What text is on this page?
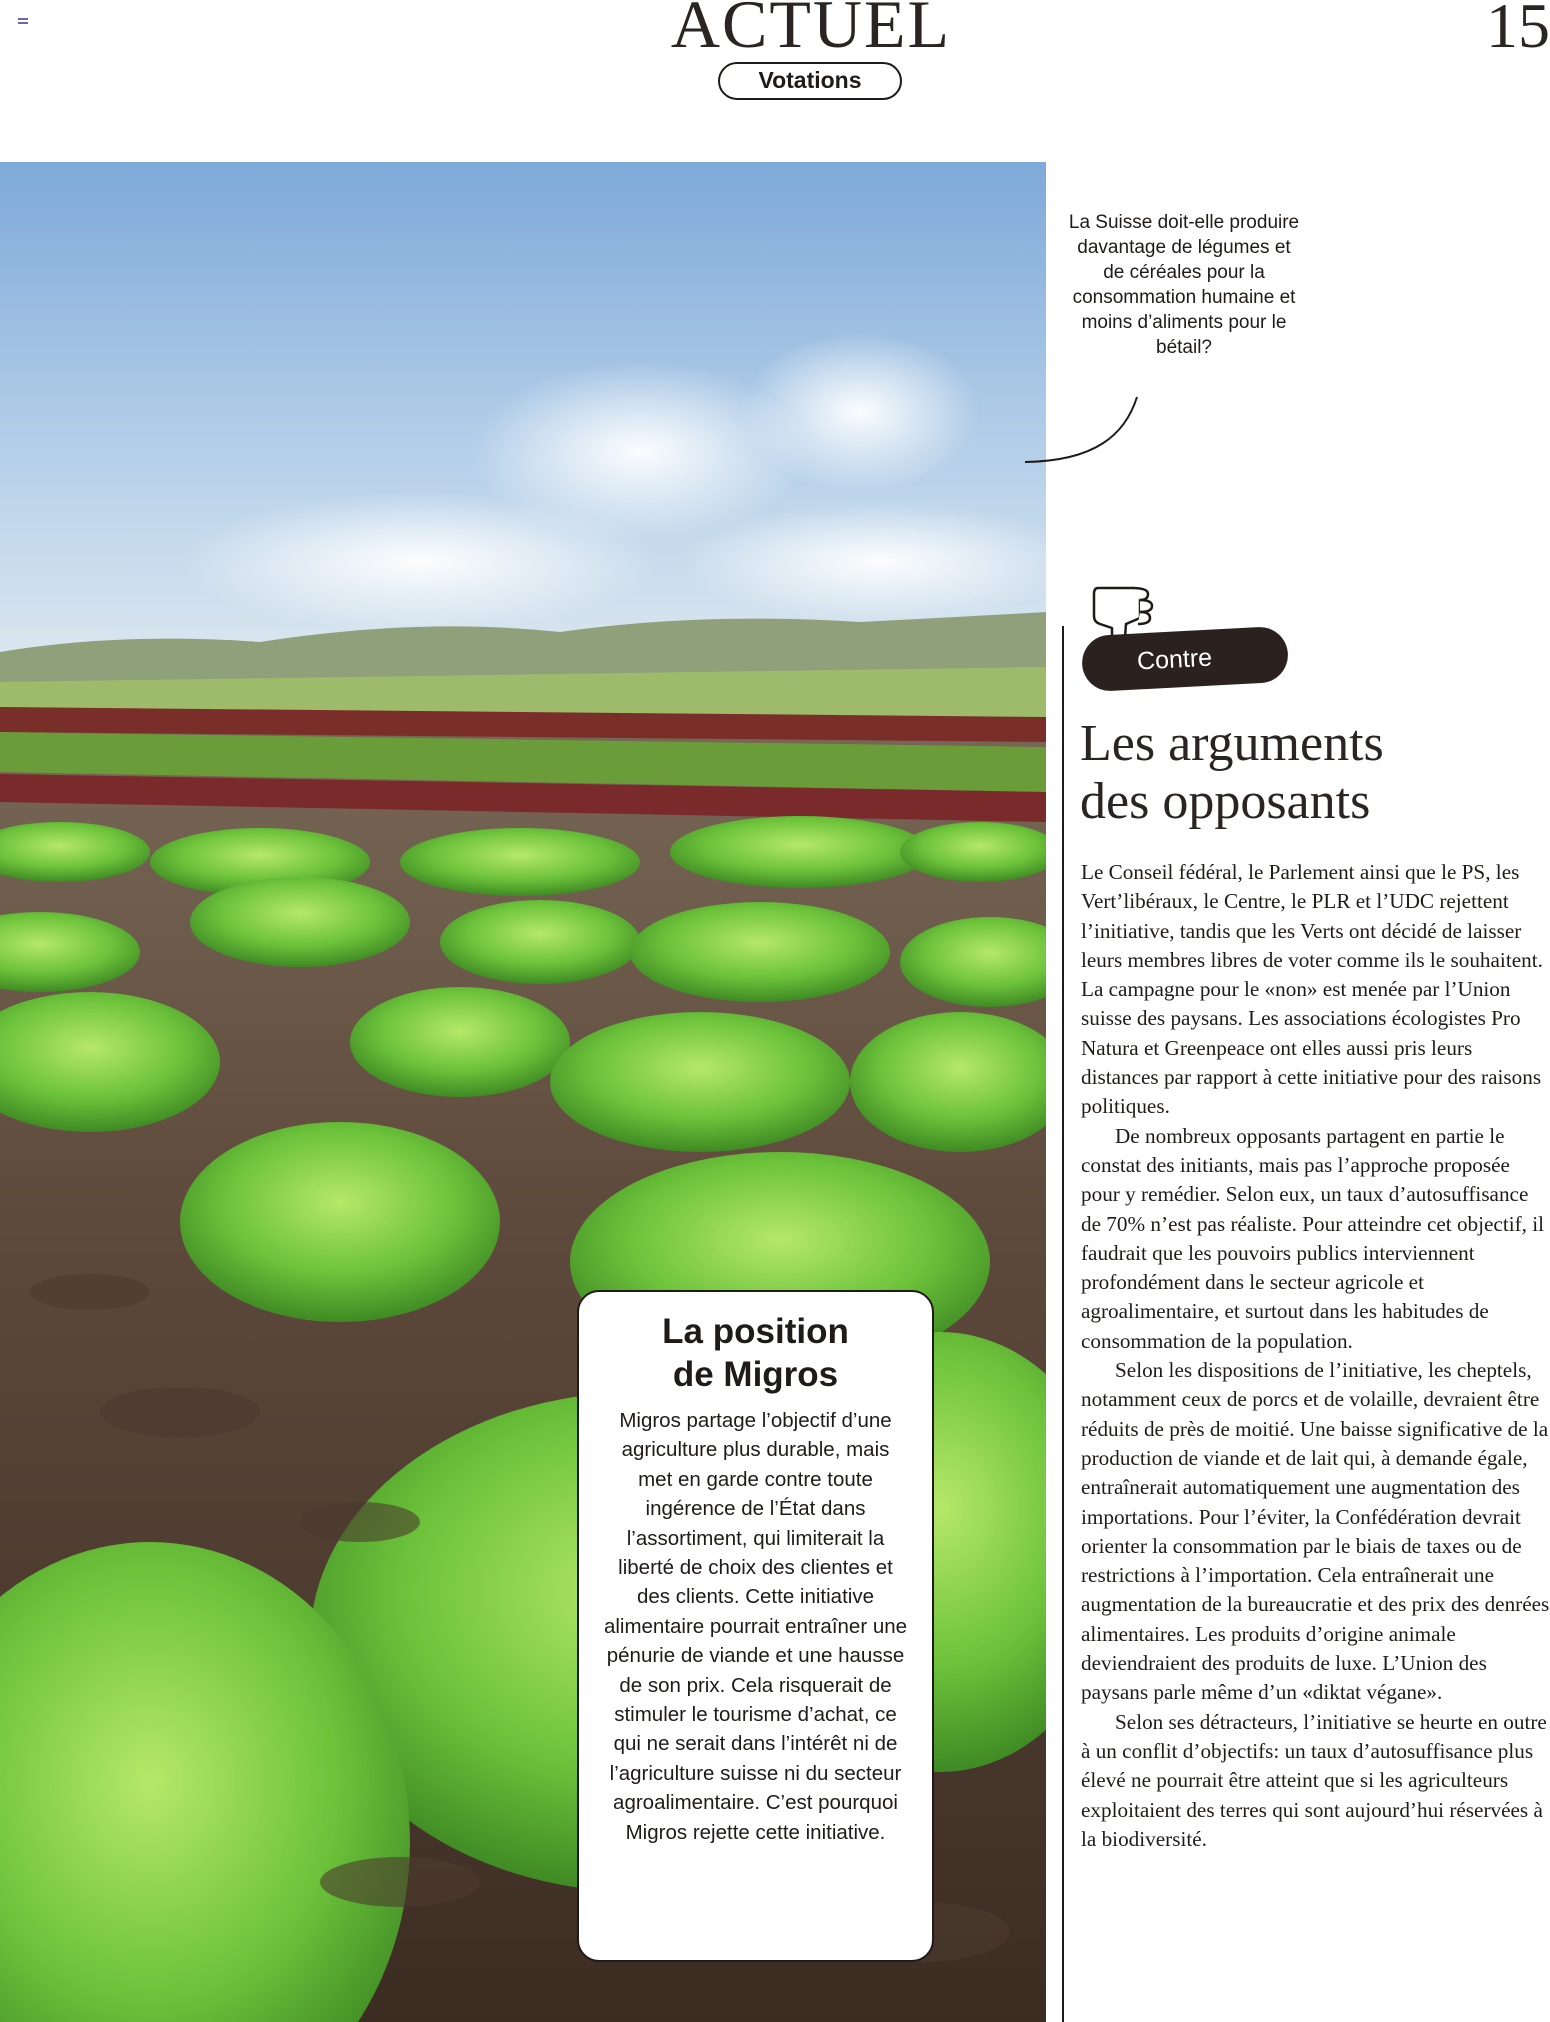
ACTUEL	15
Votations
La Suisse doit-elle produire davantage de légumes et de céréales pour la consommation humaine et moins d’aliments pour le bétail?
Contre
Les arguments
des opposants

Le Conseil fédéral, le Parlement ainsi que le PS, les Vert’libéraux, le Centre, le PLR et l’UDC rejettent l’initiative, tandis que les Verts ont décidé de laisser leurs membres libres de voter comme ils le souhaitent. La campagne pour le «non» est menée par l’Union suisse des paysans. Les associations écologistes Pro Natura et Greenpeace ont elles aussi pris leurs distances par rapport à cette initiative pour des raisons politiques.

De nombreux opposants partagent en partie le constat des initiants, mais pas l’approche proposée pour y remédier. Selon eux, un taux d’autosuffisance de 70% n’est pas réaliste. Pour atteindre cet objectif, il faudrait que les pouvoirs publics interviennent profondément dans le secteur agricole et agroalimentaire, et surtout dans les habitudes de consommation de la population.

Selon les dispositions de l’initiative, les cheptels, notamment ceux de porcs et de volaille, devraient être réduits de près de moitié. Une baisse significative de la production de viande et de lait qui, à demande égale, entraînerait automatiquement une augmentation des importations. Pour l’éviter, la Confédération devrait orienter la consommation par le biais de taxes ou de restrictions à l’importation. Cela entraînerait une augmentation de la bureaucratie et des prix des denrées alimentaires. Les produits d’origine animale deviendraient des produits de luxe. L’Union des paysans parle même d’un «diktat végane».

Selon ses détracteurs, l’initiative se heurte en outre à un conflit d’objectifs: un taux d’autosuffisance plus élevé ne pourrait être atteint que si les agriculteurs exploitaient des terres qui sont aujourd’hui réservées à la biodiversité.

La position
de Migros

Migros partage l’objectif d’une agriculture plus durable, mais met en garde contre toute ingérence de l’État dans l’assortiment, qui limiterait la liberté de choix des clientes et des clients. Cette initiative alimentaire pourrait entraîner une pénurie de viande et une hausse de son prix. Cela risquerait de stimuler le tourisme d’achat, ce qui ne serait dans l’intérêt ni de l’agriculture suisse ni du secteur agroalimentaire. C’est pourquoi Migros rejette cette initiative.
